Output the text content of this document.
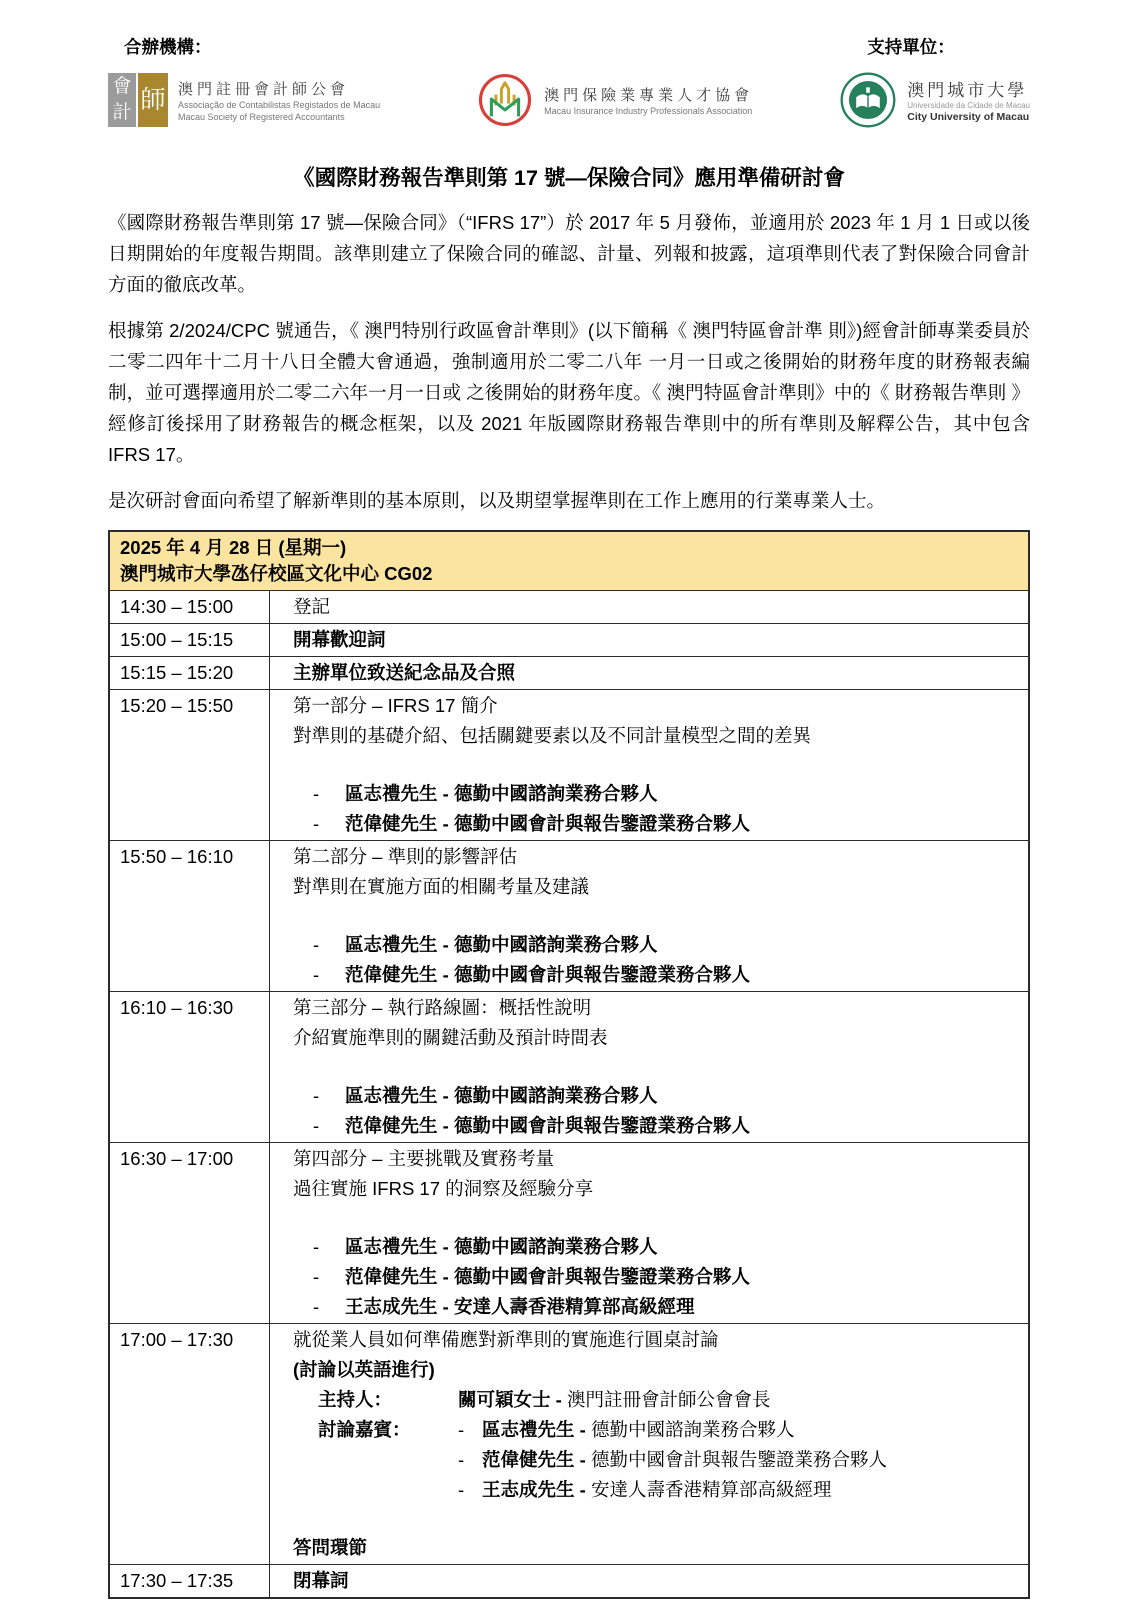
合辦機構：
會計 師 澳門註冊會計師公會
Associação de Contabilistas Registados de Macau
Macau Society of Registered Accountants
澳門保險業專業人才協會
Macau Insurance Industry Professionals Association
支持單位：
澳門城市大學
Universidade da Cidade de Macau
City University of Macau
《國際財務報告準則第 17 號—保險合同》應用準備研討會

《國際財務報告準則第 17 號—保險合同》（“IFRS 17”）於 2017 年 5 月發佈，並適用於 2023 年 1 月 1 日或以後日期開始的年度報告期間。該準則建立了保險合同的確認、計量、列報和披露，這項準則代表了對保險合同會計方面的徹底改革。

根據第 2/2024/CPC 號通告，《 澳門特別行政區會計準則》(以下簡稱《 澳門特區會計準 則》)經會計師專業委員於二零二四年十二月十八日全體大會通過，強制適用於二零二八年 一月一日或之後開始的財務年度的財務報表編制，並可選擇適用於二零二六年一月一日或 之後開始的財務年度。《 澳門特區會計準則》中的《 財務報告準則 》經修訂後採用了財務報告的概念框架，以及 2021 年版國際財務報告準則中的所有準則及解釋公告，其中包含 IFRS 17。

是次研討會面向希望了解新準則的基本原則，以及期望掌握準則在工作上應用的行業專業人士。

2025 年 4 月 28 日 (星期一)
澳門城市大學氹仔校區文化中心 CG02
14:30 – 15:00	登記
15:00 – 15:15	開幕歡迎詞
15:15 – 15:20	主辦單位致送紀念品及合照
15:20 – 15:50	第一部分 – IFRS 17 簡介
對準則的基礎介紹、包括關鍵要素以及不同計量模型之間的差異
-	區志禮先生 - 德勤中國諮詢業務合夥人
-	范偉健先生 - 德勤中國會計與報告鑒證業務合夥人
15:50 – 16:10	第二部分 – 準則的影響評估
對準則在實施方面的相關考量及建議
-	區志禮先生 - 德勤中國諮詢業務合夥人
-	范偉健先生 - 德勤中國會計與報告鑒證業務合夥人
16:10 – 16:30	第三部分 – 執行路線圖：概括性說明
介紹實施準則的關鍵活動及預計時間表
-	區志禮先生 - 德勤中國諮詢業務合夥人
-	范偉健先生 - 德勤中國會計與報告鑒證業務合夥人
16:30 – 17:00	第四部分 – 主要挑戰及實務考量
過往實施 IFRS 17 的洞察及經驗分享
-	區志禮先生 - 德勤中國諮詢業務合夥人
-	范偉健先生 - 德勤中國會計與報告鑒證業務合夥人
-	王志成先生 - 安達人壽香港精算部高級經理
17:00 – 17:30	就從業人員如何準備應對新準則的實施進行圓桌討論
(討論以英語進行)
主持人：	關可穎女士 - 澳門註冊會計師公會會長
討論嘉賓：	- 區志禮先生 - 德勤中國諮詢業務合夥人
- 范偉健先生 - 德勤中國會計與報告鑒證業務合夥人
- 王志成先生 - 安達人壽香港精算部高級經理
答問環節
17:30 – 17:35	閉幕詞
